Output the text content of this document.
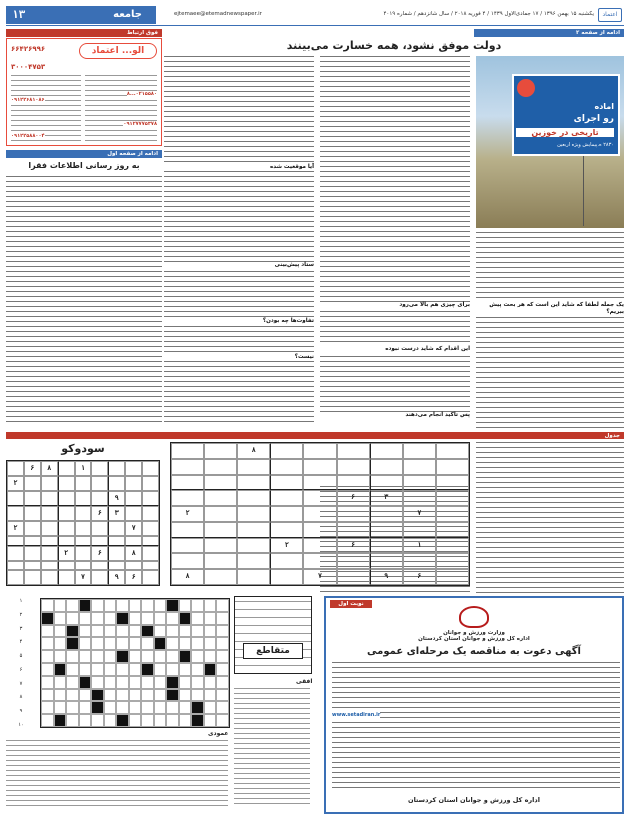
اعتماد
یکشنبه ۱۵ بهمن ۱۳۹۶ / ۱۷ جمادی‌الاول ۱۴۳۹ / ۴ فوریه ۲۰۱۸ / سال شانزدهم / شماره ۴۰۱۹
ejtemaee@etemadnewspaper.ir
جامعه
۱۳
ادامه از صفحه ۲
دولت موفق نشود، همه خسارت می‌بینند
اماده
رو اجرای
تاریخی در خوزین
۲۸۳۰ ه.پیمایش ویژه اربعین
یک جمله لطفا که شاید این است که هر بحث پیش ببریم؟
برای چیزی هم بالا می‌رود
این اقدام که شاید درست نبوده
پس تاکید انجام می‌دهند
آیا موقعیت شده
ستاد پیش‌بینی
تفاوت‌ها چه بودن؟
نیست؟
فوق ارتباط
الو... اعتماد
۶۶۴۲۶۹۹۶
۳۰۰۰۴۷۵۳
۰۹۱۲۲۶۸۱۰۸۶
۰۹۱۲۲۵۸۸۰۰۴
۰۲۱۵۵۸۰...۸
۰۹۱۲۷۷۷۵۳۷۸
ادامه از صفحه اول
به روز رسانی اطلاعات فقرا
جدول
سودوکو
۱
۸
۶
۲
۹
۳
۶
۷
۲
۸
۶
۲
۶
۹
۷
۸
۳
۶
۷
۲
۱
۶
۲
۶
۹
۷
۸
۱
۲
۳
۴
۵
۶
۷
۸
۹
۱۰
متقاطع
افقی
عمودی
نوبت اول
وزارت ورزش و جوانان
اداره کل ورزش و جوانان استان کردستان
آگهی دعوت به مناقصه یک مرحله‌ای عمومی
www.setadiran.ir
اداره کل ورزش و جوانان استان کردستان
